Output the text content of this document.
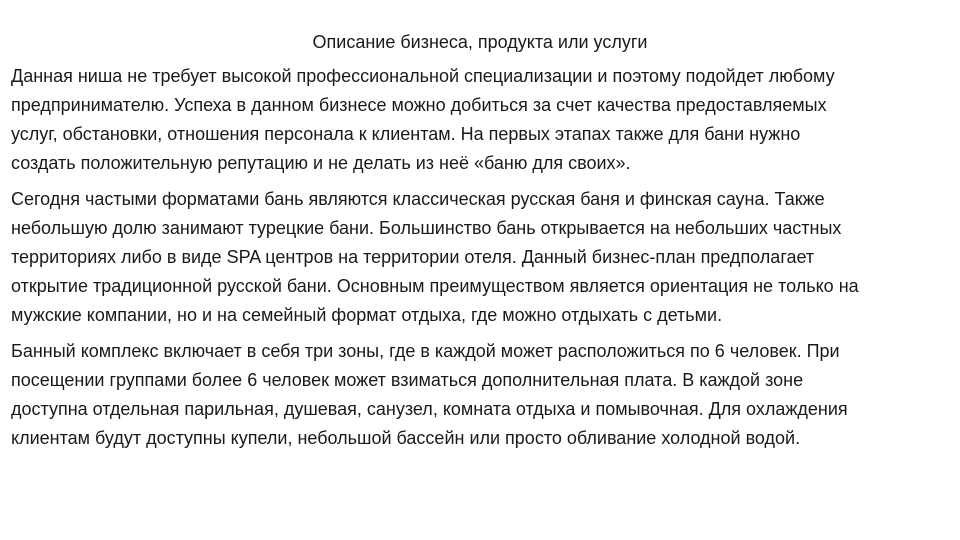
Описание бизнеса, продукта или услуги

Данная ниша не требует высокой профессиональной специализации и поэтому подойдет любому предпринимателю. Успеха в данном бизнесе можно добиться за счет качества предоставляемых услуг, обстановки, отношения персонала к клиентам. На первых этапах также для бани нужно создать положительную репутацию и не делать из неё «баню для своих».

Сегодня частыми форматами бань являются классическая русская баня и финская сауна. Также небольшую долю занимают турецкие бани. Большинство бань открывается на небольших частных территориях либо в виде SPA центров на территории отеля. Данный бизнес-план предполагает открытие традиционной русской бани. Основным преимуществом является ориентация не только на мужские компании, но и на семейный формат отдыха, где можно отдыхать с детьми.

Банный комплекс включает в себя три зоны, где в каждой может расположиться по 6 человек. При посещении группами более 6 человек может взиматься дополнительная плата. В каждой зоне доступна отдельная парильная, душевая, санузел, комната отдыха и помывочная. Для охлаждения клиентам будут доступны купели, небольшой бассейн или просто обливание холодной водой.
